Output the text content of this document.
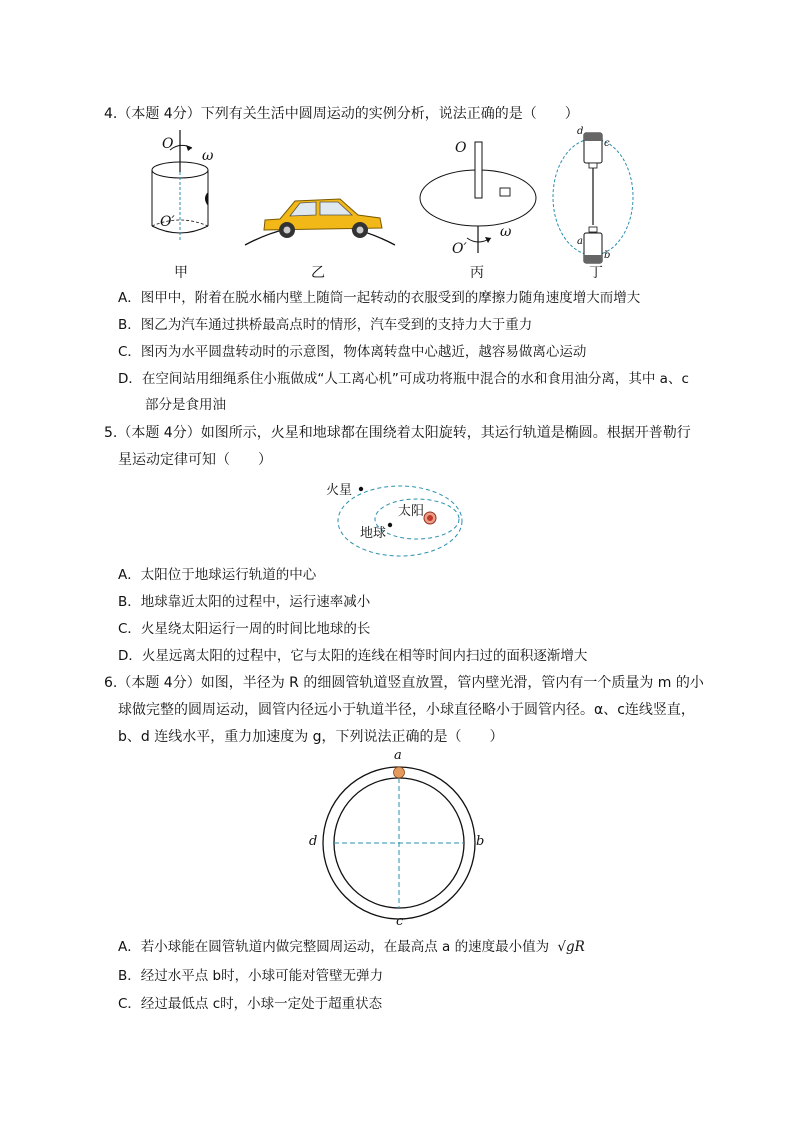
4.（本题 4分）下列有关生活中圆周运动的实例分析，说法正确的是（　　）
O
ω
O′
甲	乙
O
O′
ω
丙
d
c
a
b
丁
A．图甲中，附着在脱水桶内壁上随筒一起转动的衣服受到的摩擦力随角速度增大而增大
B．图乙为汽车通过拱桥最高点时的情形，汽车受到的支持力大于重力
C．图丙为水平圆盘转动时的示意图，物体离转盘中心越近，越容易做离心运动
D．在空间站用细绳系住小瓶做成“人工离心机”可成功将瓶中混合的水和食用油分离，其中 a、c
部分是食用油
5.（本题 4分）如图所示，火星和地球都在围绕着太阳旋转，其运行轨道是椭圆。根据开普勒行
星运动定律可知（　　）
火星
太阳
地球
A．太阳位于地球运行轨道的中心
B．地球靠近太阳的过程中，运行速率减小
C．火星绕太阳运行一周的时间比地球的长
D．火星远离太阳的过程中，它与太阳的连线在相等时间内扫过的面积逐渐增大
6.（本题 4分）如图，半径为 R 的细圆管轨道竖直放置，管内壁光滑，管内有一个质量为 m 的小
球做完整的圆周运动，圆管内径远小于轨道半径，小球直径略小于圆管内径。α、c连线竖直，
b、d 连线水平，重力加速度为 g，下列说法正确的是（　　）
a
b
c
d
A．若小球能在圆管轨道内做完整圆周运动，在最高点 a 的速度最小值为 √gR
B．经过水平点 b时，小球可能对管壁无弹力
C．经过最低点 c时，小球一定处于超重状态
